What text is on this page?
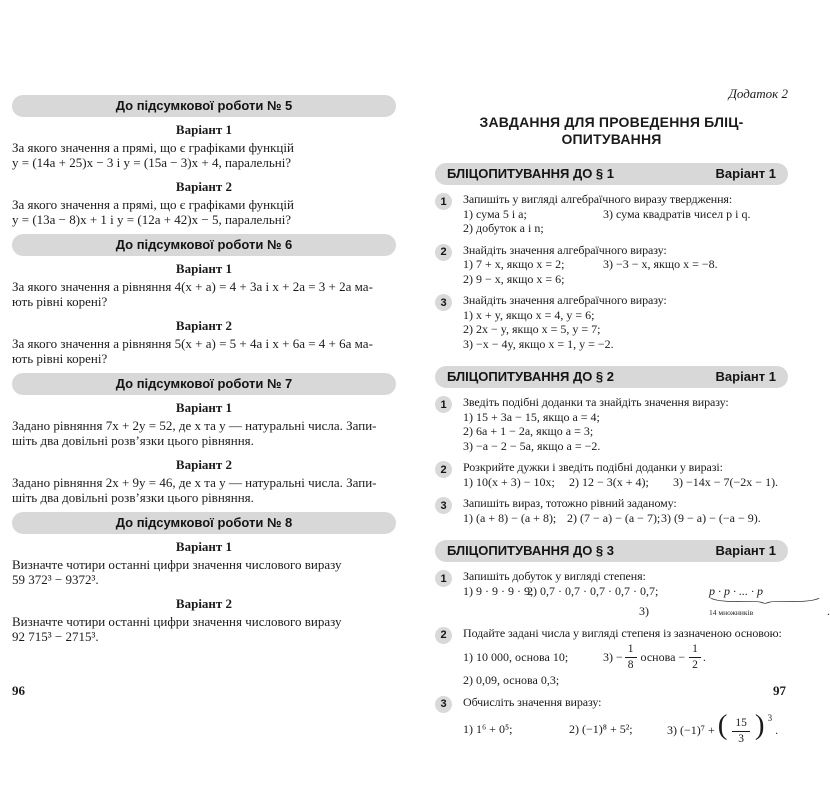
До підсумкової роботи № 5
Варіант 1
За якого значення a прямі, що є графіками функцій
y = (14a + 25)x − 3 і y = (15a − 3)x + 4, паралельні?
Варіант 2
За якого значення a прямі, що є графіками функцій
y = (13a − 8)x + 1 і y = (12a + 42)x − 5, паралельні?
До підсумкової роботи № 6
Варіант 1
За якого значення a рівняння 4(x + a) = 4 + 3a і x + 2a = 3 + 2a ма-
ють рівні корені?
Варіант 2
За якого значення a рівняння 5(x + a) = 5 + 4a і x + 6a = 4 + 6a ма-
ють рівні корені?
До підсумкової роботи № 7
Варіант 1
Задано рівняння 7x + 2y = 52, де x та y — натуральні числа. Запи-
шіть два довільні розв’язки цього рівняння.
Варіант 2
Задано рівняння 2x + 9y = 46, де x та y — натуральні числа. Запи-
шіть два довільні розв’язки цього рівняння.
До підсумкової роботи № 8
Варіант 1
Визначте чотири останні цифри значення числового виразу
59 372³ − 9372³.
Варіант 2
Визначте чотири останні цифри значення числового виразу
92 715³ − 2715³.
Додаток 2
ЗАВДАННЯ ДЛЯ ПРОВЕДЕННЯ БЛІЦ-ОПИТУВАННЯ
БЛІЦОПИТУВАННЯ ДО § 1	Варіант 1
1	Запишіть у вигляді алгебраїчного виразу твердження:
1) сума 5 і a;	3) сума квадратів чисел p і q.
2) добуток a і n;
2	Знайдіть значення алгебраїчного виразу:
1) 7 + x, якщо x = 2;	3) −3 − x, якщо x = −8.
2) 9 − x, якщо x = 6;
3	Знайдіть значення алгебраїчного виразу:
1) x + y, якщо x = 4, y = 6;
2) 2x − y, якщо x = 5, y = 7;
3) −x − 4y, якщо x = 1, y = −2.
БЛІЦОПИТУВАННЯ ДО § 2	Варіант 1
1	Зведіть подібні доданки та знайдіть значення виразу:
1) 15 + 3a − 15, якщо a = 4;
2) 6a + 1 − 2a, якщо a = 3;
3) −a − 2 − 5a, якщо a = −2.
2	Розкрийте дужки і зведіть подібні доданки у виразі:
1) 10(x + 3) − 10x;	2) 12 − 3(x + 4);	3) −14x − 7(−2x − 1).
3	Запишіть вираз, тотожно рівний заданому:
1) (a + 8) − (a + 8); 2) (7 − a) − (a − 7); 3) (9 − a) − (−a − 9).
БЛІЦОПИТУВАННЯ ДО § 3	Варіант 1
1	Запишіть добуток у вигляді степеня:
1) 9 · 9 · 9 · 9;
2) 0,7 · 0,7 · 0,7 · 0,7 · 0,7;
3) p · p · ... · p
14 множників	.
2	Подайте задані числа у вигляді степеня із зазначеною основою:
1) 10 000, основа 10;	$3) - \frac{1}{8}$ основа − $\frac{1}{2}$ .
2) 0,09, основа 0,3;
3	Обчисліть значення виразу:
1) 1⁶ + 0⁵;	2) (−1)⁸ + 5²;	3) (−1)⁷ + ( $\frac{15}{3}$ ) 3 .
96	97
